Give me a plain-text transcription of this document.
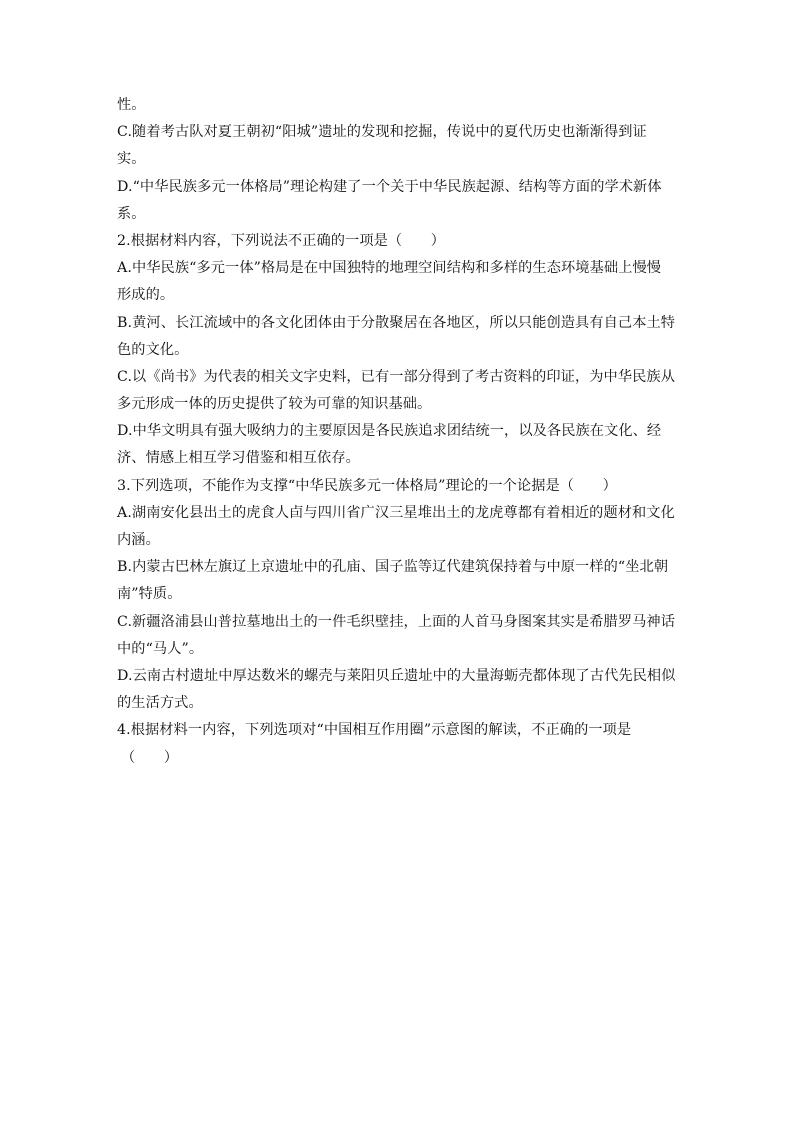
性。
C.随着考古队对夏王朝初“阳城”遗址的发现和挖掘，传说中的夏代历史也渐渐得到证
实。
D.“中华民族多元一体格局”理论构建了一个关于中华民族起源、结构等方面的学术新体
系。
2.根据材料内容，下列说法不正确的一项是（　　）
A.中华民族“多元一体”格局是在中国独特的地理空间结构和多样的生态环境基础上慢慢
形成的。
B.黄河、长江流域中的各文化团体由于分散聚居在各地区，所以只能创造具有自己本土特
色的文化。
C.以《尚书》为代表的相关文字史料，已有一部分得到了考古资料的印证，为中华民族从
多元形成一体的历史提供了较为可靠的知识基础。
D.中华文明具有强大吸纳力的主要原因是各民族追求团结统一，以及各民族在文化、经
济、情感上相互学习借鉴和相互依存。
3.下列选项，不能作为支撑“中华民族多元一体格局”理论的一个论据是（　　）
A.湖南安化县出土的虎食人卣与四川省广汉三星堆出土的龙虎尊都有着相近的题材和文化
内涵。
B.内蒙古巴林左旗辽上京遗址中的孔庙、国子监等辽代建筑保持着与中原一样的“坐北朝
南”特质。
C.新疆洛浦县山普拉墓地出土的一件毛织壁挂，上面的人首马身图案其实是希腊罗马神话
中的“马人”。
D.云南古村遗址中厚达数米的螺壳与莱阳贝丘遗址中的大量海蛎壳都体现了古代先民相似
的生活方式。
4.根据材料一内容，下列选项对“中国相互作用圈”示意图的解读，不正确的一项是
（　　）
